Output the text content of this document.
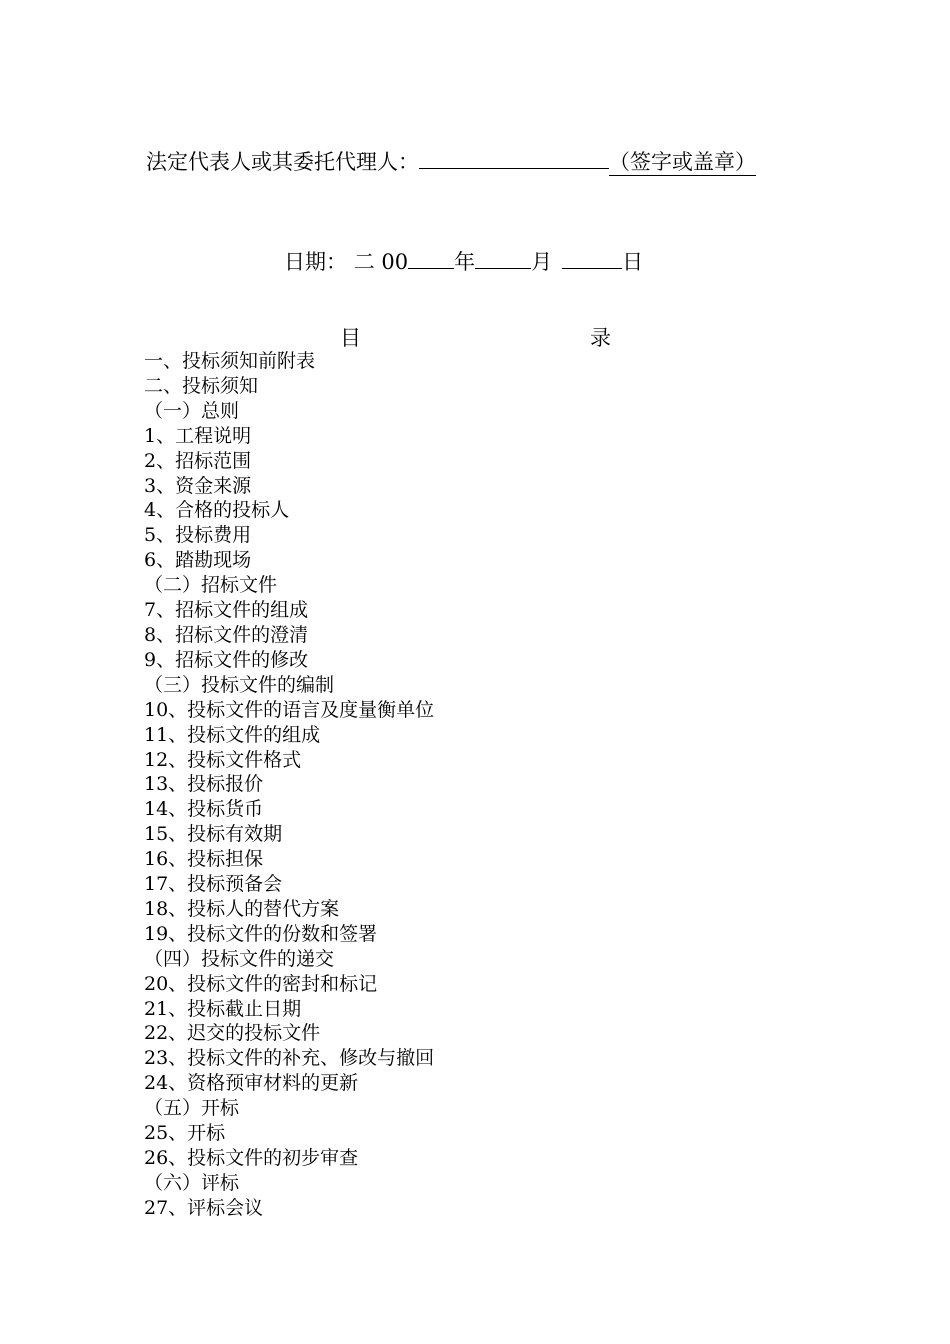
法定代表人或其委托代理人：	（签字或盖章）
日期： 二 00 年	月	日
目	录
一、投标须知前附表
二、投标须知
（一）总则
1、工程说明
2、招标范围
3、资金来源
4、合格的投标人
5、投标费用
6、踏勘现场
（二）招标文件
7、招标文件的组成
8、招标文件的澄清
9、招标文件的修改
（三）投标文件的编制
10、投标文件的语言及度量衡单位
11、投标文件的组成
12、投标文件格式
13、投标报价
14、投标货币
15、投标有效期
16、投标担保
17、投标预备会
18、投标人的替代方案
19、投标文件的份数和签署
（四）投标文件的递交
20、投标文件的密封和标记
21、投标截止日期
22、迟交的投标文件
23、投标文件的补充、修改与撤回
24、资格预审材料的更新
（五）开标
25、开标
26、投标文件的初步审查
（六）评标
27、评标会议
